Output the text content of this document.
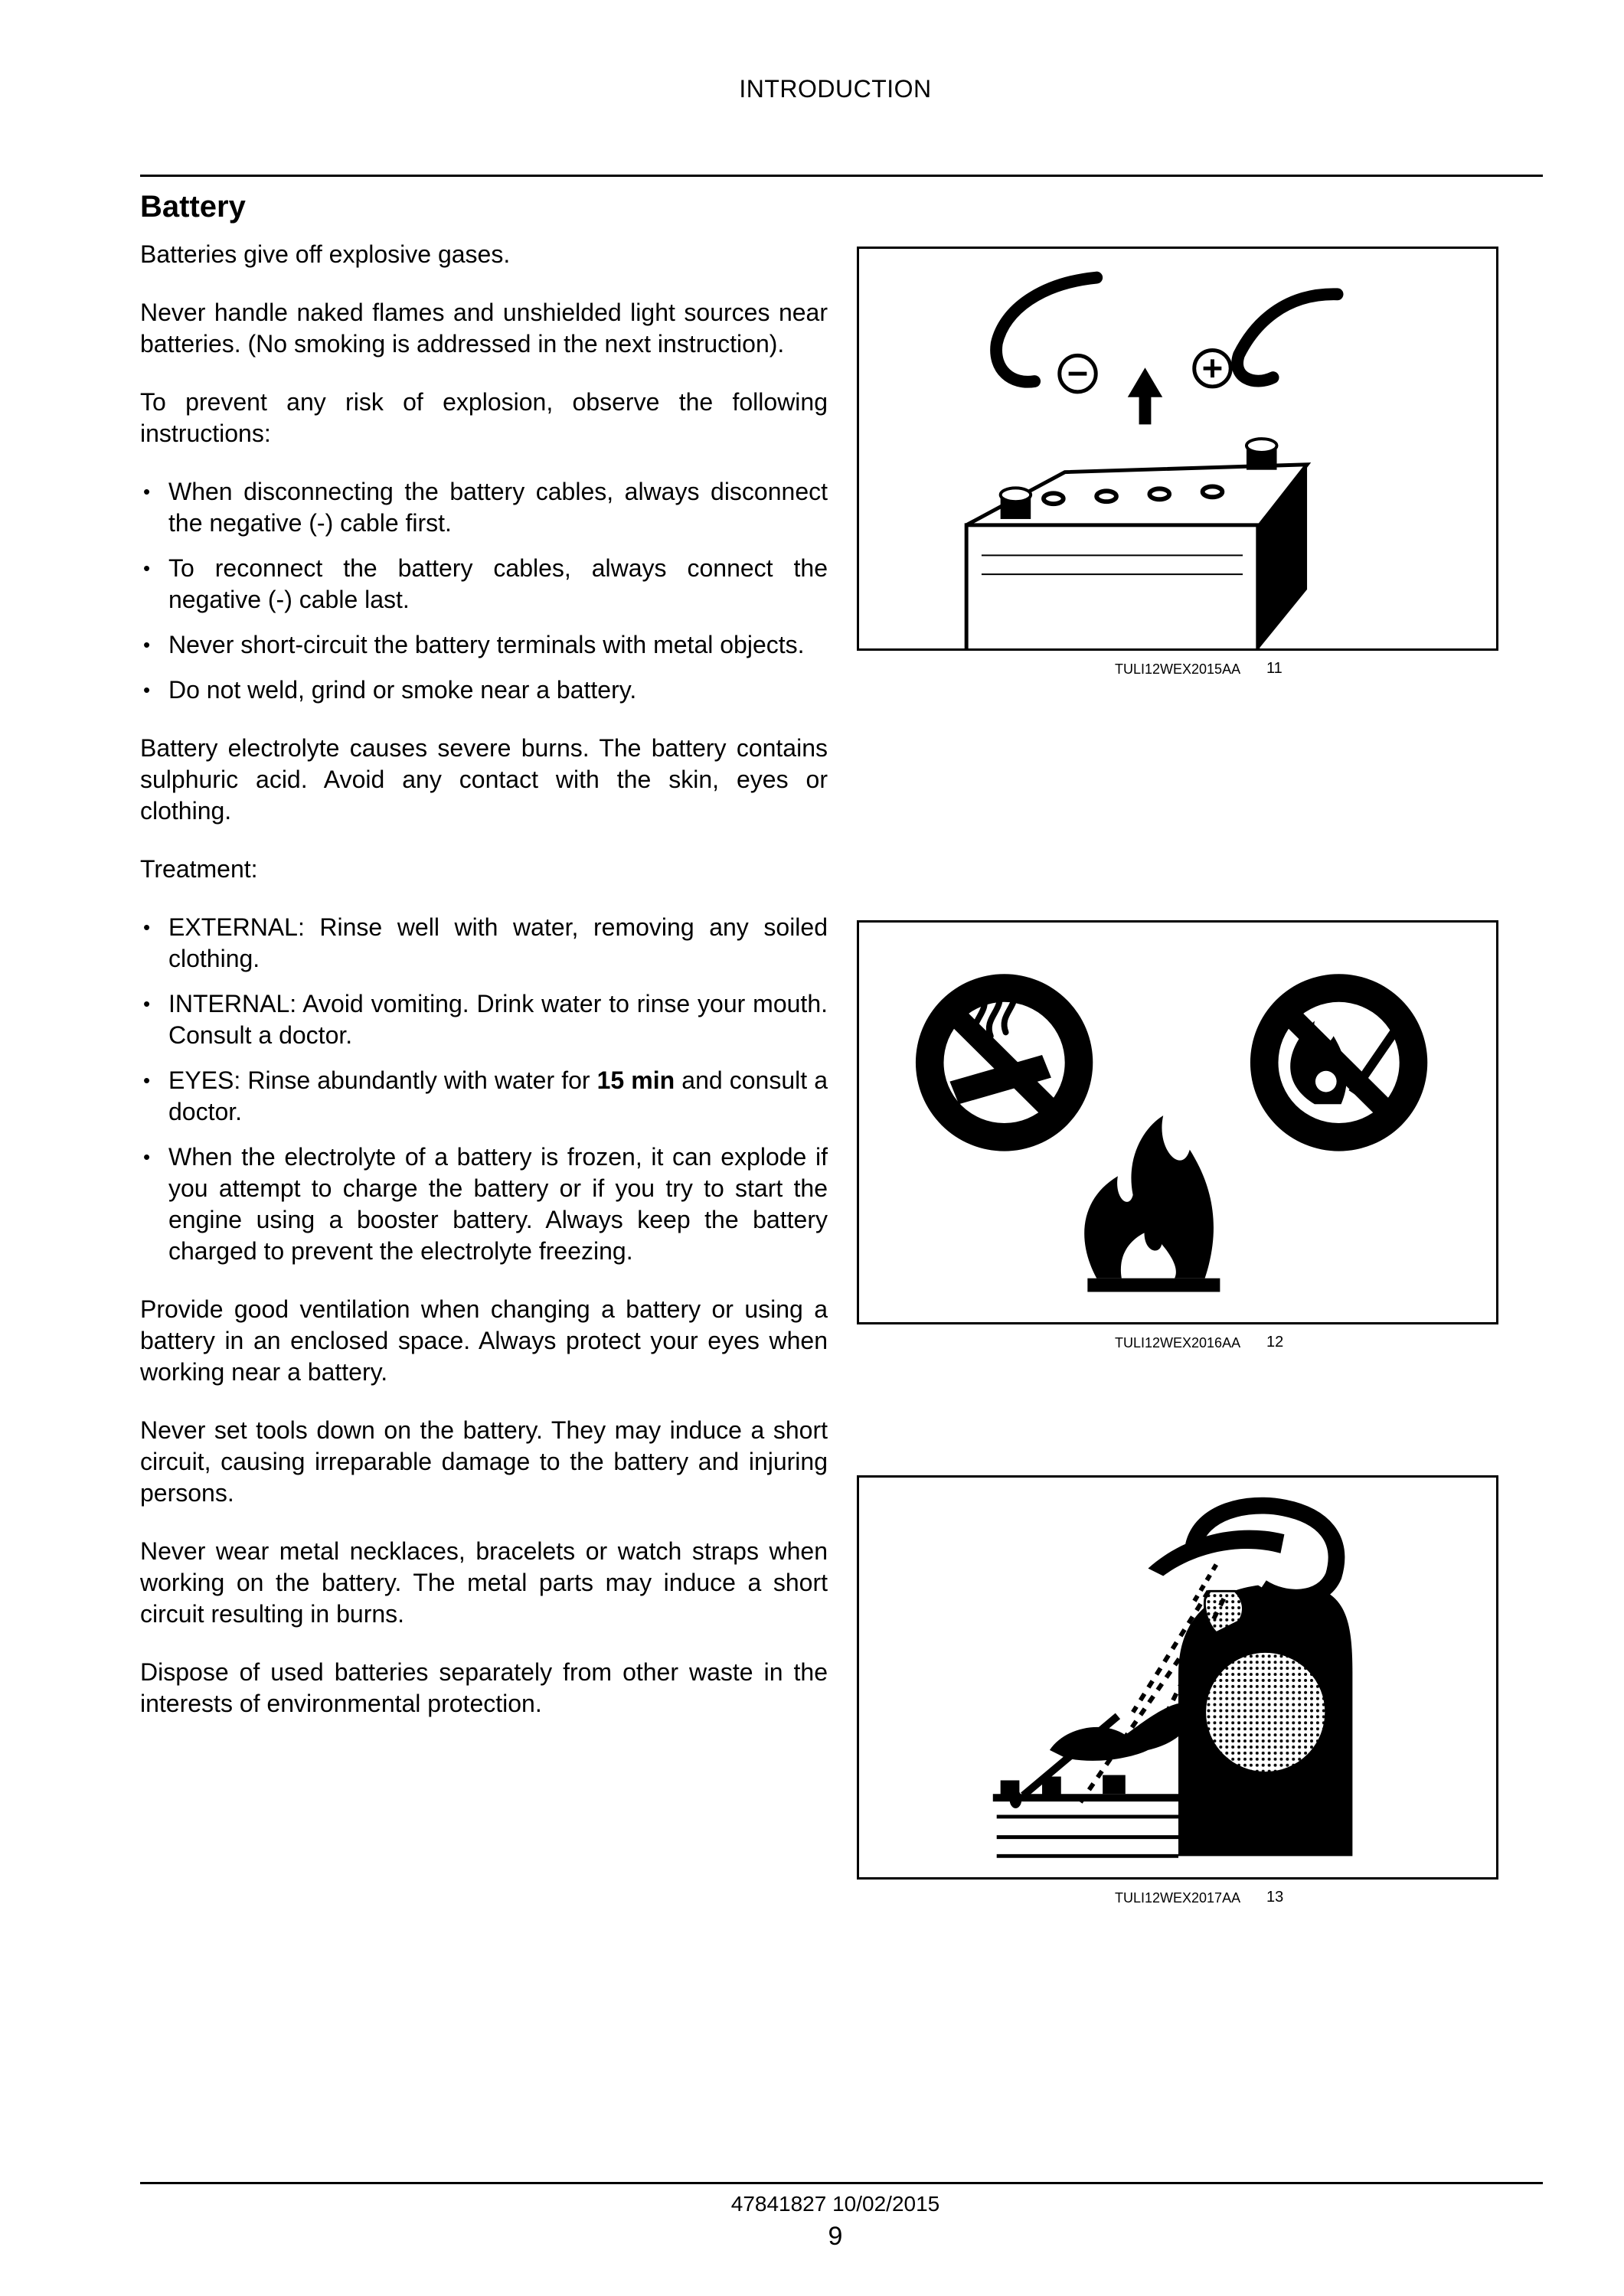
INTRODUCTION
Battery

Batteries give off explosive gases.

Never handle naked flames and unshielded light sources near batteries. (No smoking is addressed in the next instruction).

To prevent any risk of explosion, observe the following instructions:

• When disconnecting the battery cables, always disconnect the negative (-) cable first.
• To reconnect the battery cables, always connect the negative (-) cable last.
• Never short-circuit the battery terminals with metal objects.
• Do not weld, grind or smoke near a battery.

Battery electrolyte causes severe burns. The battery contains sulphuric acid. Avoid any contact with the skin, eyes or clothing.

Treatment:

• EXTERNAL: Rinse well with water, removing any soiled clothing.
• INTERNAL: Avoid vomiting. Drink water to rinse your mouth. Consult a doctor.
• EYES: Rinse abundantly with water for 15 min and consult a doctor.
• When the electrolyte of a battery is frozen, it can explode if you attempt to charge the battery or if you try to start the engine using a booster battery. Always keep the battery charged to prevent the electrolyte freezing.

Provide good ventilation when changing a battery or using a battery in an enclosed space. Always protect your eyes when working near a battery.

Never set tools down on the battery. They may induce a short circuit, causing irreparable damage to the battery and injuring persons.

Never wear metal necklaces, bracelets or watch straps when working on the battery. The metal parts may induce a short circuit resulting in burns.

Dispose of used batteries separately from other waste in the interests of environmental protection.

TULI12WEX2015AA 11
TULI12WEX2016AA 12
TULI12WEX2017AA 13
47841827 10/02/2015
9
